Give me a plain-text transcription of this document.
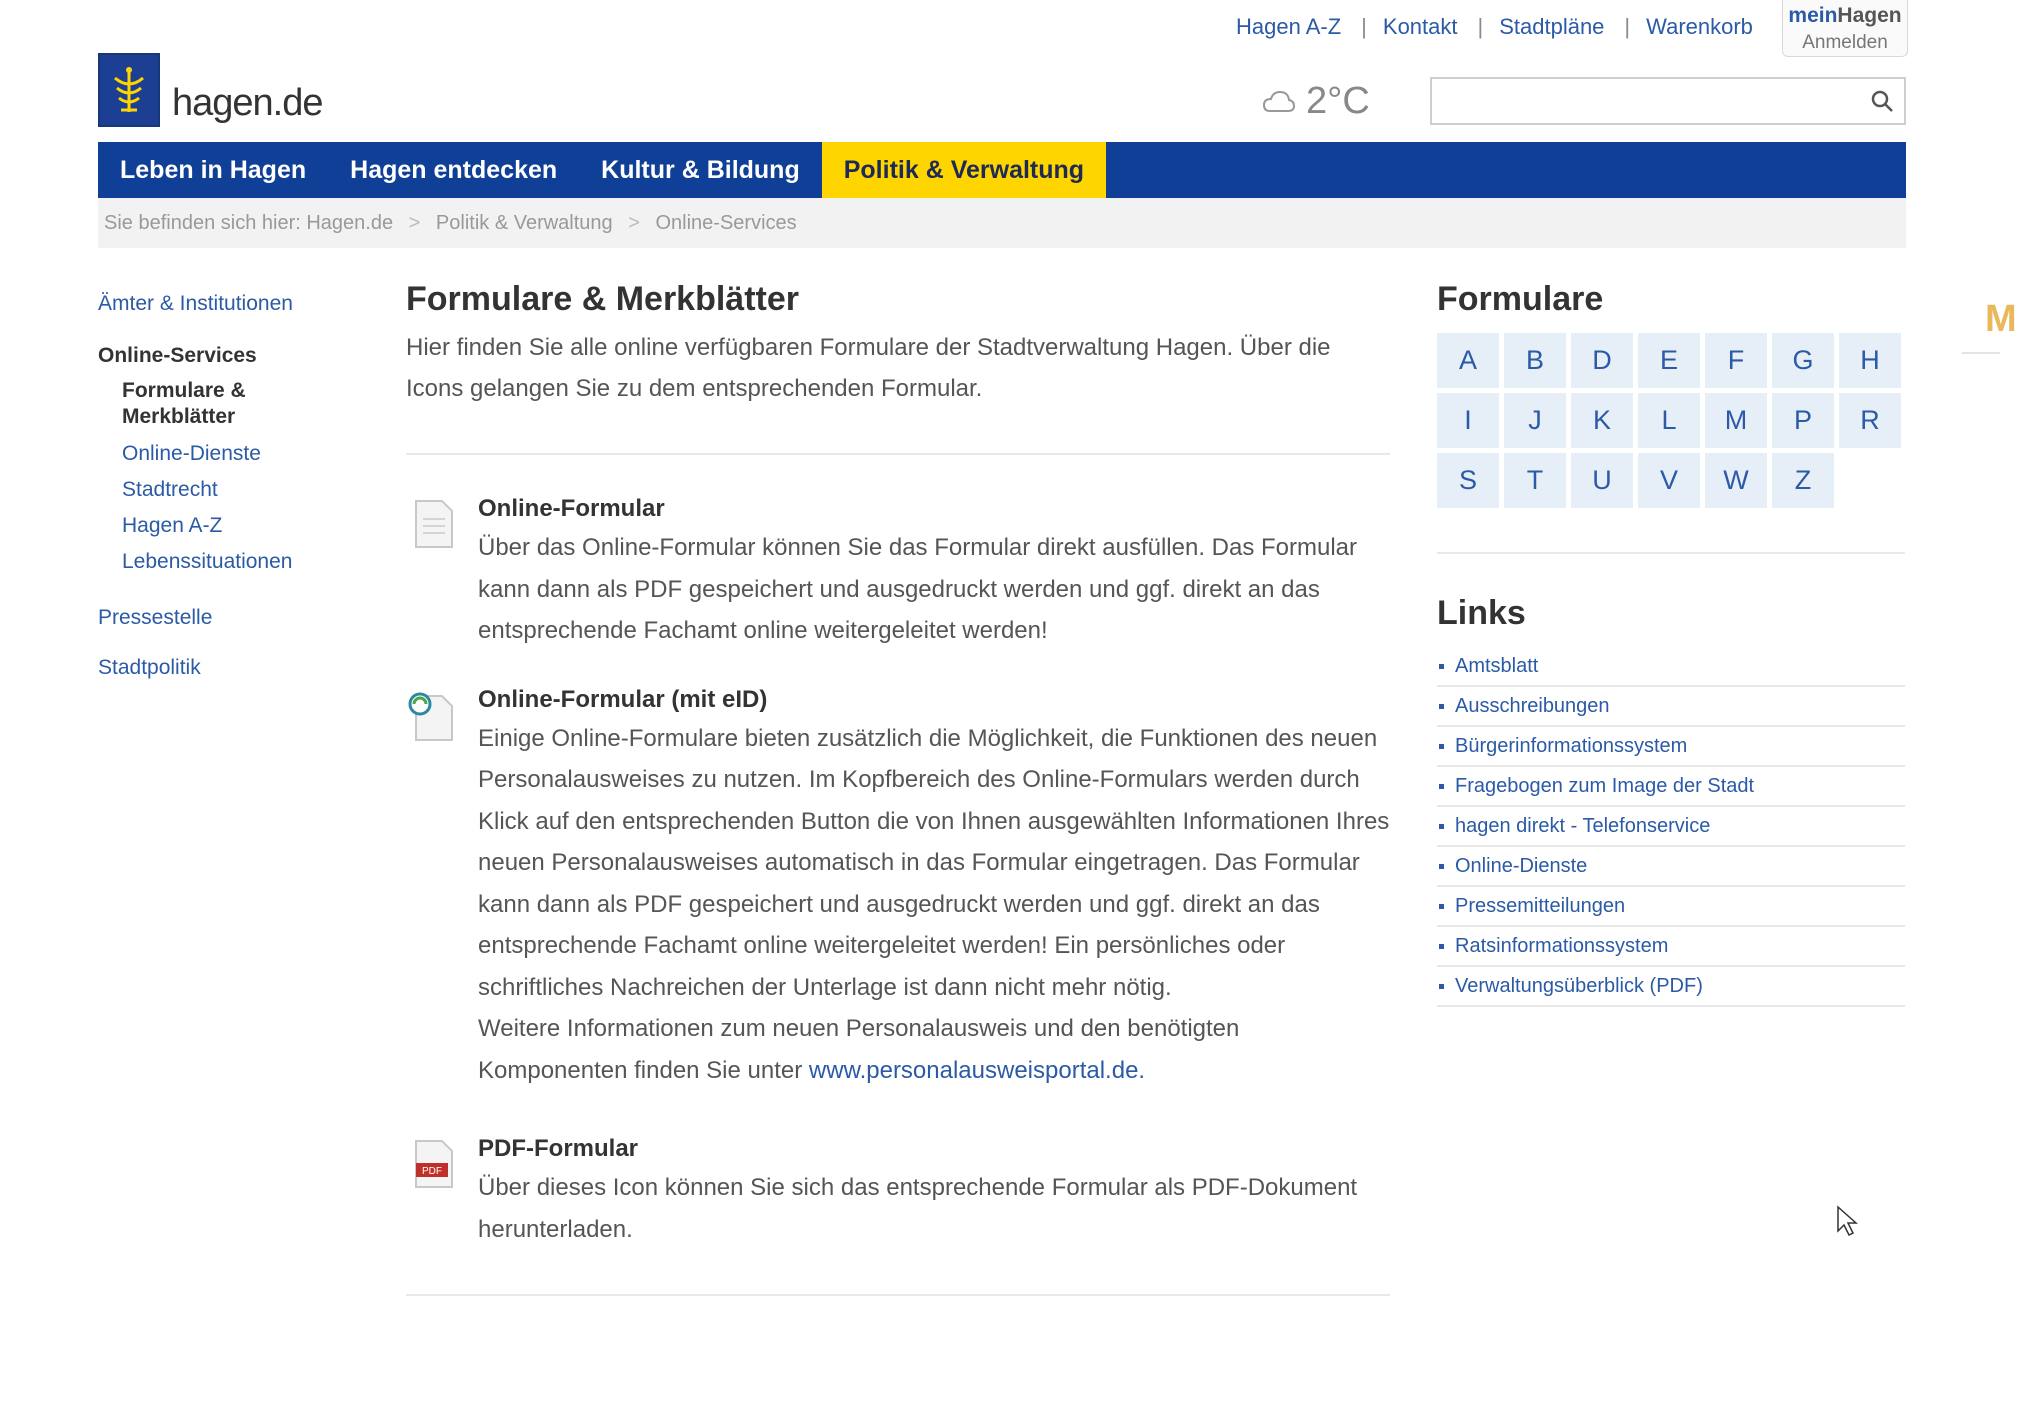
Hagen A-Z | Kontakt | Stadtpläne | Warenkorb meinHagen
Anmelden
hagen.de	2°C
Leben in Hagen	Hagen entdecken	Kultur & Bildung	Politik & Verwaltung
Sie befinden sich hier: Hagen.de > Politik & Verwaltung > Online-Services
Ämter & Institutionen
Online-Services
Formulare & Merkblätter
Online-Dienste
Stadtrecht
Hagen A-Z
Lebenssituationen
Pressestelle
Stadtpolitik
Formulare & Merkblätter
Hier finden Sie alle online verfügbaren Formulare der Stadtverwaltung Hagen. Über die Icons gelangen Sie zu dem entsprechenden Formular.
Online-Formular
Über das Online-Formular können Sie das Formular direkt ausfüllen. Das Formular kann dann als PDF gespeichert und ausgedruckt werden und ggf. direkt an das entsprechende Fachamt online weitergeleitet werden!
Online-Formular (mit eID)
Einige Online-Formulare bieten zusätzlich die Möglichkeit, die Funktionen des neuen Personalausweises zu nutzen. Im Kopfbereich des Online-Formulars werden durch Klick auf den entsprechenden Button die von Ihnen ausgewählten Informationen Ihres neuen Personalausweises automatisch in das Formular eingetragen. Das Formular kann dann als PDF gespeichert und ausgedruckt werden und ggf. direkt an das entsprechende Fachamt online weitergeleitet werden! Ein persönliches oder schriftliches Nachreichen der Unterlage ist dann nicht mehr nötig.
Weitere Informationen zum neuen Personalausweis und den benötigten Komponenten finden Sie unter www.personalausweisportal.de.
PDF
PDF-Formular
Über dieses Icon können Sie sich das entsprechende Formular als PDF-Dokument herunterladen.
Formulare
A	B	D	E	F	G	H
I	J	K	L	M	P	R
S	T	U	V	W	Z
Links
Amtsblatt
Ausschreibungen
Bürgerinformationssystem
Fragebogen zum Image der Stadt
hagen direkt - Telefonservice
Online-Dienste
Pressemitteilungen
Ratsinformationssystem
Verwaltungsüberblick (PDF)
M
